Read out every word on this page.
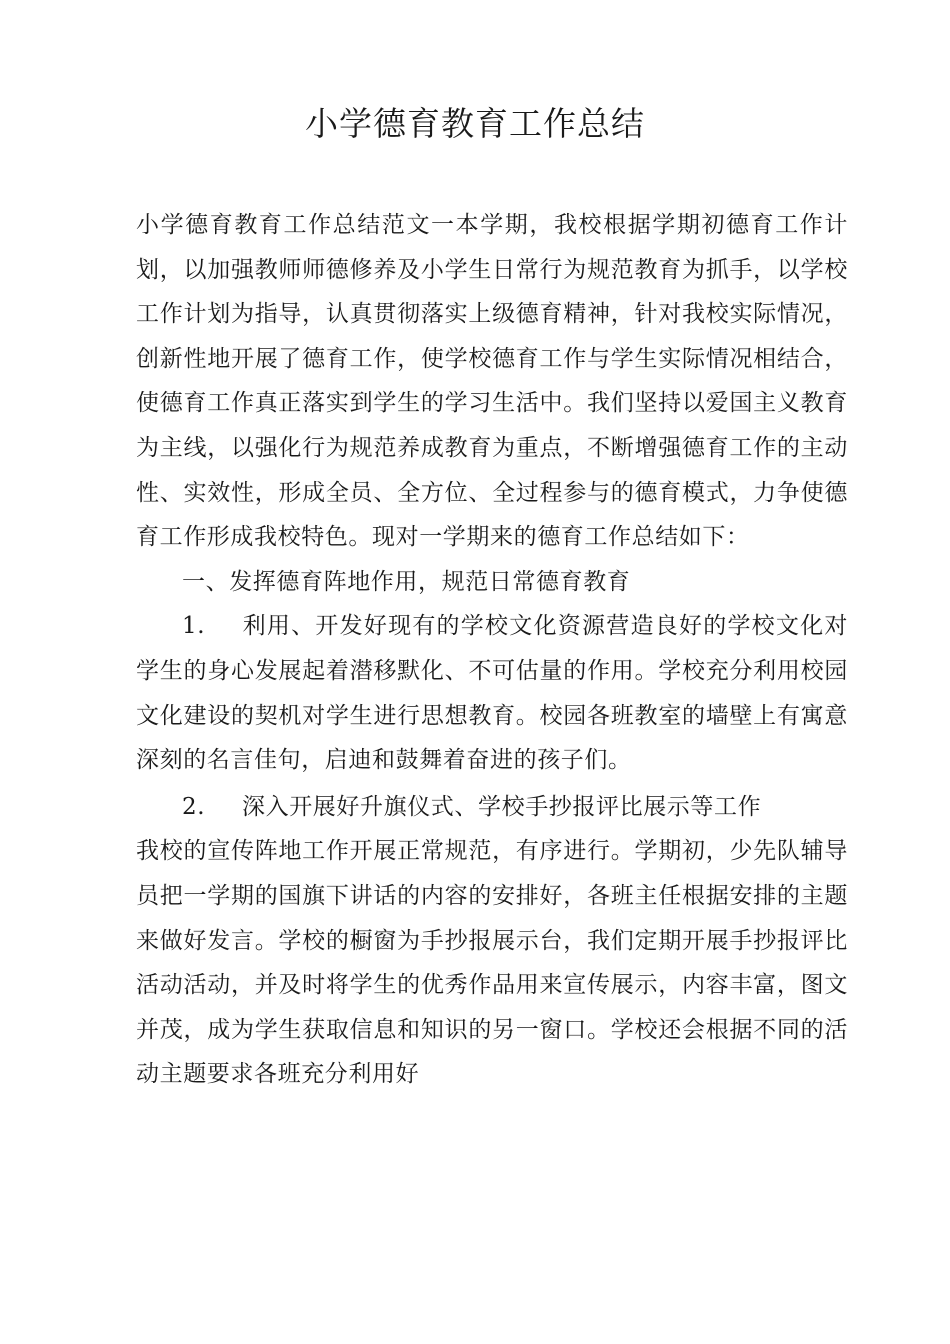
小学德育教育工作总结

小学德育教育工作总结范文一本学期，我校根据学期初德育工作计划，以加强教师师德修养及小学生日常行为规范教育为抓手，以学校工作计划为指导，认真贯彻落实上级德育精神，针对我校实际情况，创新性地开展了德育工作，使学校德育工作与学生实际情况相结合，使德育工作真正落实到学生的学习生活中。我们坚持以爱国主义教育为主线，以强化行为规范养成教育为重点，不断增强德育工作的主动性、实效性，形成全员、全方位、全过程参与的德育模式，力争使德育工作形成我校特色。现对一学期来的德育工作总结如下：

一、发挥德育阵地作用，规范日常德育教育

1. 利用、开发好现有的学校文化资源营造良好的学校文化对学生的身心发展起着潜移默化、不可估量的作用。学校充分利用校园文化建设的契机对学生进行思想教育。校园各班教室的墙壁上有寓意深刻的名言佳句，启迪和鼓舞着奋进的孩子们。

2. 深入开展好升旗仪式、学校手抄报评比展示等工作

我校的宣传阵地工作开展正常规范，有序进行。学期初，少先队辅导员把一学期的国旗下讲话的内容的安排好，各班主任根据安排的主题来做好发言。学校的橱窗为手抄报展示台，我们定期开展手抄报评比活动活动，并及时将学生的优秀作品用来宣传展示，内容丰富，图文并茂，成为学生获取信息和知识的另一窗口。学校还会根据不同的活动主题要求各班充分利用好
